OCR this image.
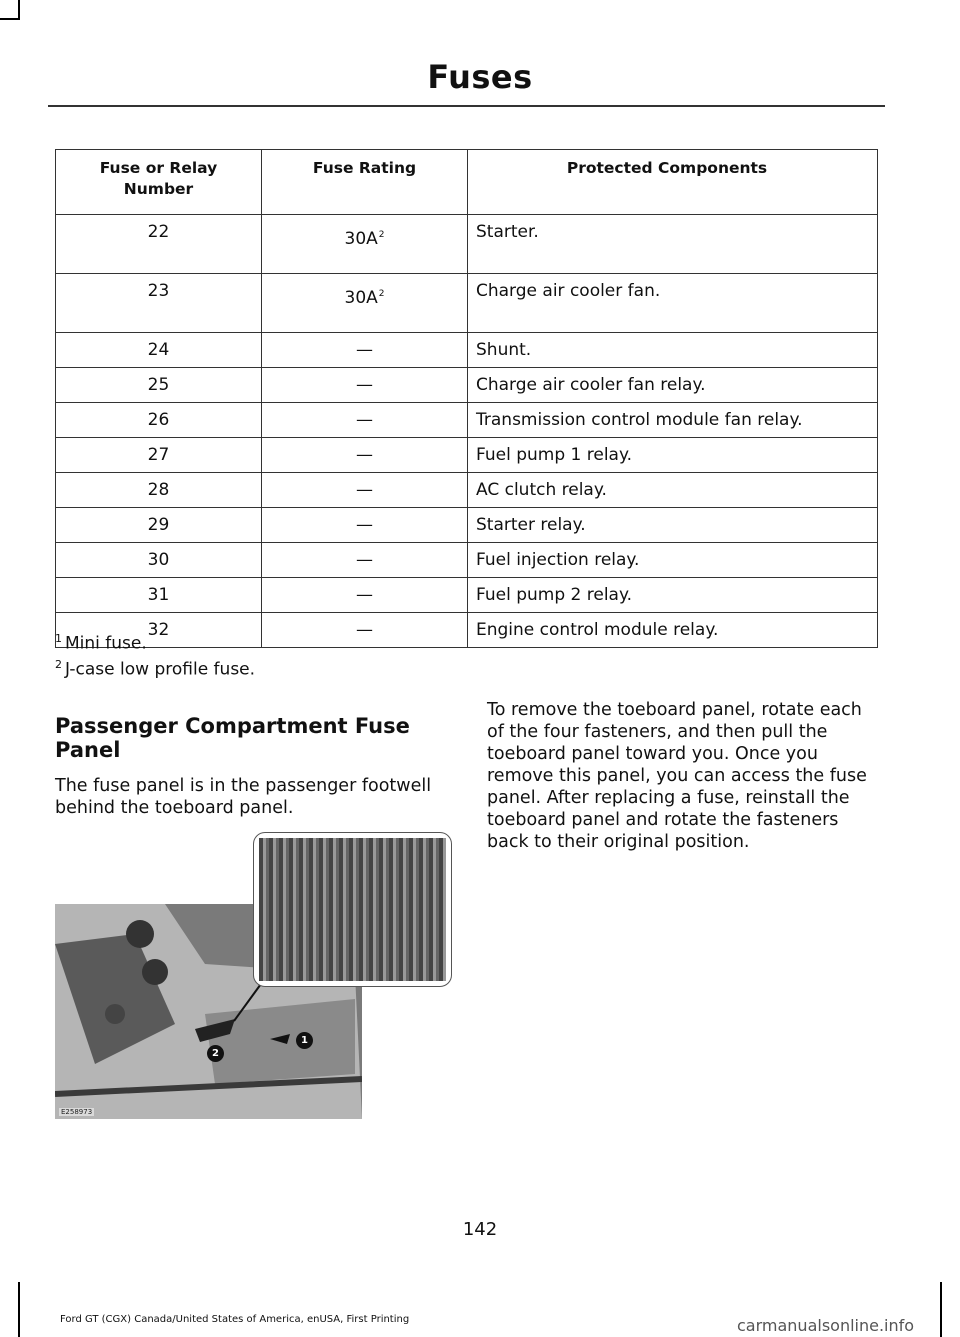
Fuses
Fuse or Relay
Number	Fuse Rating	Protected Components
22	30A$^2$	Starter.
23	30A$^2$	Charge air cooler fan.
24	—	Shunt.
25	—	Charge air cooler fan relay.
26	—	Transmission control module fan relay.
27	—	Fuel pump 1 relay.
28	—	AC clutch relay.
29	—	Starter relay.
30	—	Fuel injection relay.
31	—	Fuel pump 2 relay.
32	—	Engine control module relay.
$^1$ Mini fuse.
$^2$ J-case low profile fuse.
Passenger Compartment Fuse Panel
The fuse panel is in the passenger footwell behind the toeboard panel.
To remove the toeboard panel, rotate each of the four fasteners, and then pull the toeboard panel toward you. Once you remove this panel, you can access the fuse panel. After replacing a fuse, reinstall the toeboard panel and rotate the fasteners back to their original position.
1
2
E258973
142
Ford GT (CGX) Canada/United States of America, enUSA, First Printing	carmanualsonline.info
